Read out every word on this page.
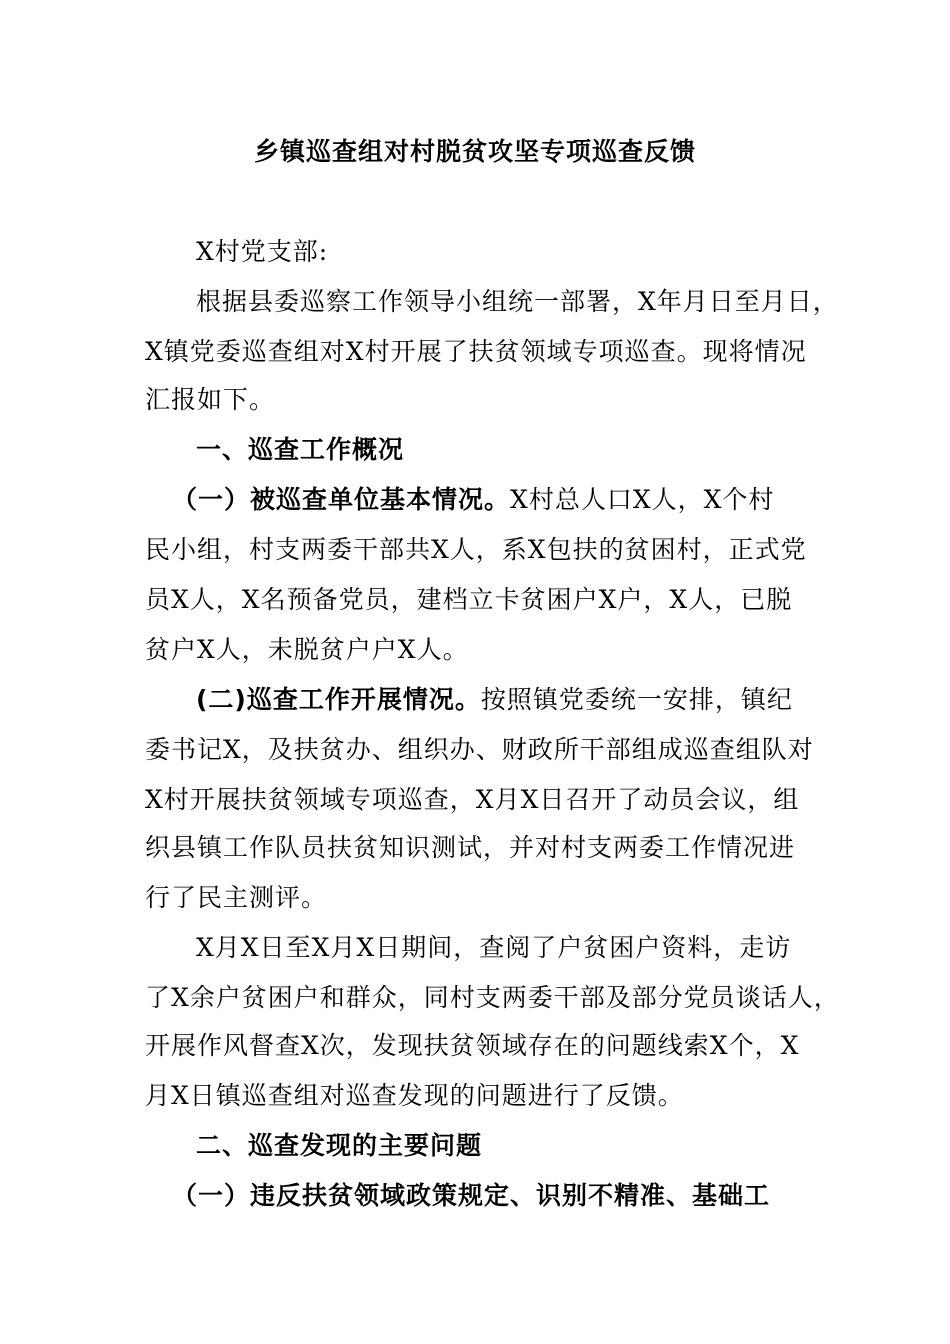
乡镇巡查组对村脱贫攻坚专项巡查反馈
X村党支部:
根据县委巡察工作领导小组统一部署，X年月日至月日，
X镇党委巡查组对X村开展了扶贫领域专项巡查。现将情况
汇报如下。
一、巡查工作概况
（一）被巡查单位基本情况。X村总人口X人，X个村
民小组，村支两委干部共X人，系X包扶的贫困村，正式党
员X人，X名预备党员，建档立卡贫困户X户，X人，已脱
贫户X人，未脱贫户户X人。
(二)巡查工作开展情况。按照镇党委统一安排，镇纪
委书记X，及扶贫办、组织办、财政所干部组成巡查组队对
X村开展扶贫领域专项巡查，X月X日召开了动员会议，组
织县镇工作队员扶贫知识测试，并对村支两委工作情况进
行了民主测评。
X月X日至X月X日期间，查阅了户贫困户资料，走访
了X余户贫困户和群众，同村支两委干部及部分党员谈话人，
开展作风督查X次，发现扶贫领域存在的问题线索X个，X
月X日镇巡查组对巡查发现的问题进行了反馈。
二、巡查发现的主要问题
（一）违反扶贫领域政策规定、识别不精准、基础工
